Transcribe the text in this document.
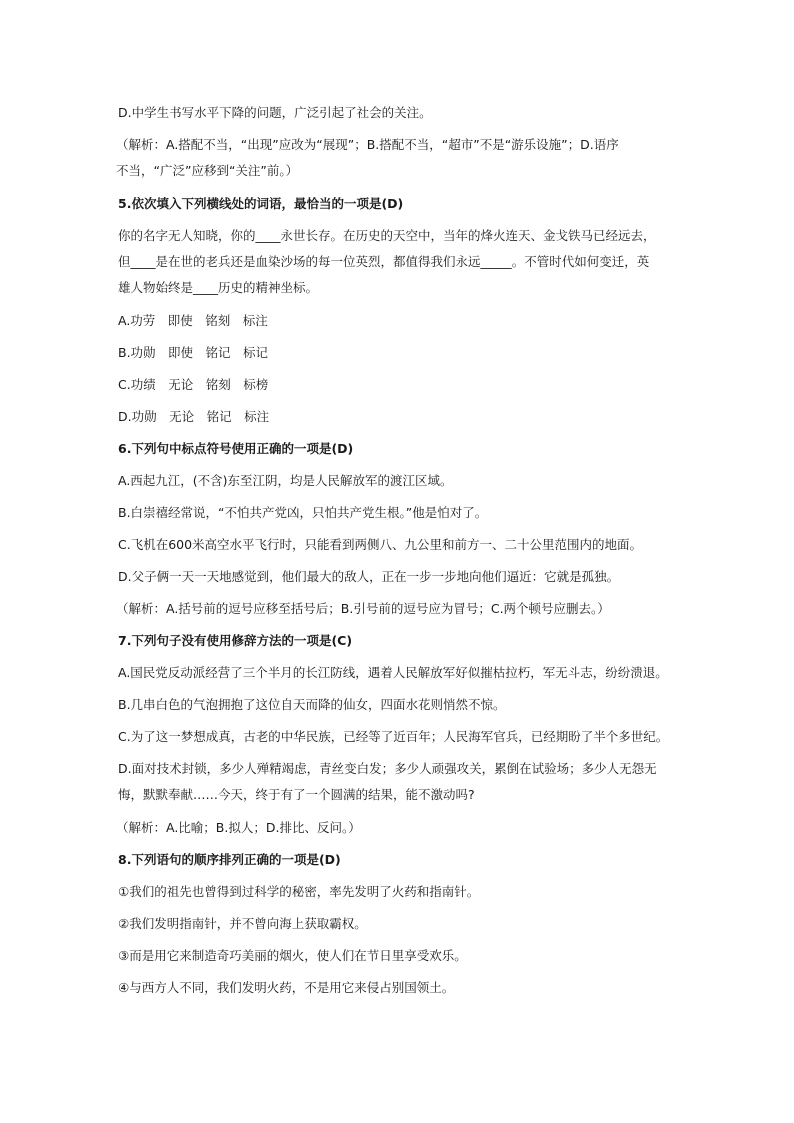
D.中学生书写水平下降的问题，广泛引起了社会的关注。
（解析：A.搭配不当，“出现”应改为“展现”；B.搭配不当，“超市”不是“游乐设施”；D.语序
不当，“广泛”应移到“关注”前。）
5.依次填入下列横线处的词语，最恰当的一项是(D)
你的名字无人知晓，你的____永世长存。在历史的天空中，当年的烽火连天、金戈铁马已经远去，
但____是在世的老兵还是血染沙场的每一位英烈，都值得我们永远_____。不管时代如何变迁，英
雄人物始终是____历史的精神坐标。
A.功劳　即使　铭刻　标注
B.功勋　即使　铭记　标记
C.功绩　无论　铭刻　标榜
D.功勋　无论　铭记　标注
6.下列句中标点符号使用正确的一项是(D)
A.西起九江，(不含)东至江阴，均是人民解放军的渡江区域。
B.白崇禧经常说，“不怕共产党凶，只怕共产党生根。”他是怕对了。
C.飞机在600米高空水平飞行时，只能看到两侧八、九公里和前方一、二十公里范围内的地面。
D.父子俩一天一天地感觉到，他们最大的敌人，正在一步一步地向他们逼近：它就是孤独。
（解析：A.括号前的逗号应移至括号后；B.引号前的逗号应为冒号；C.两个顿号应删去。）
7.下列句子没有使用修辞方法的一项是(C)
A.国民党反动派经营了三个半月的长江防线，遇着人民解放军好似摧枯拉朽，军无斗志，纷纷溃退。
B.几串白色的气泡拥抱了这位自天而降的仙女，四面水花则悄然不惊。
C.为了这一梦想成真，古老的中华民族，已经等了近百年；人民海军官兵，已经期盼了半个多世纪。
D.面对技术封锁，多少人殚精竭虑，青丝变白发；多少人顽强攻关，累倒在试验场；多少人无怨无
悔，默默奉献……今天，终于有了一个圆满的结果，能不激动吗?
（解析：A.比喻；B.拟人；D.排比、反问。）
8.下列语句的顺序排列正确的一项是(D)
①我们的祖先也曾得到过科学的秘密，率先发明了火药和指南针。
②我们发明指南针，并不曾向海上获取霸权。
③而是用它来制造奇巧美丽的烟火，使人们在节日里享受欢乐。
④与西方人不同，我们发明火药，不是用它来侵占别国领土。
